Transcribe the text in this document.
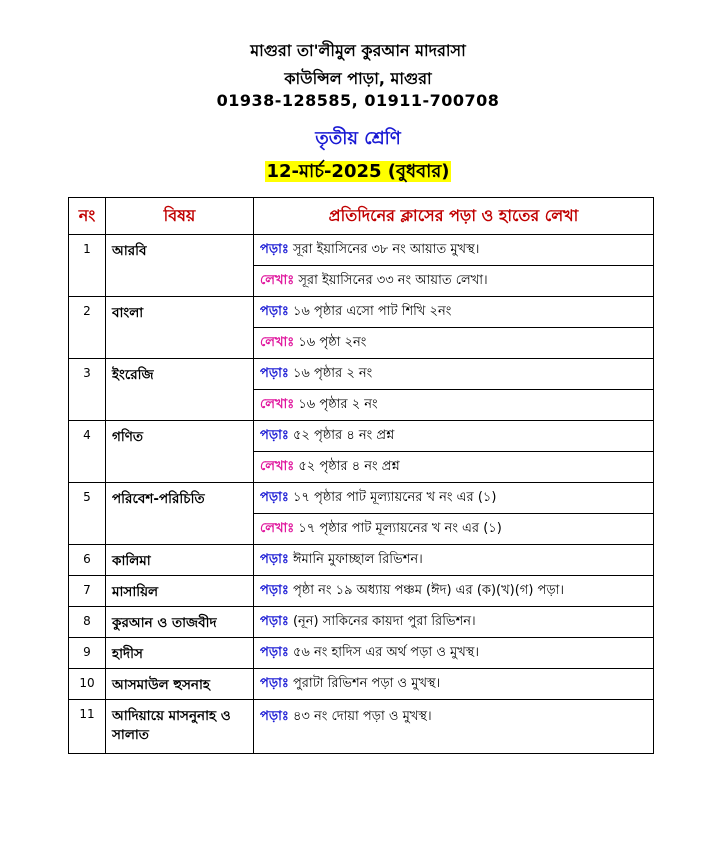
মাগুরা তা'লীমুল কুরআন মাদরাসা
কাউন্সিল পাড়া, মাগুরা
01938-128585, 01911-700708
তৃতীয় শ্রেণি
12-মার্চ-2025 (বুধবার)
নং	বিষয়	প্রতিদিনের ক্লাসের পড়া ও হাতের লেখা
1	আরবি	পড়াঃ সূরা ইয়াসিনের ৩৮ নং আয়াত মুখস্থ।
		লেখাঃ সূরা ইয়াসিনের ৩৩ নং আয়াত লেখা।
2	বাংলা	পড়াঃ ১৬ পৃষ্ঠার এসো পাট শিখি ২নং
		লেখাঃ ১৬ পৃষ্ঠা ২নং
3	ইংরেজি	পড়াঃ ১৬ পৃষ্ঠার ২ নং
		লেখাঃ ১৬ পৃষ্ঠার ২ নং
4	গণিত	পড়াঃ ৫২ পৃষ্ঠার ৪ নং প্রশ্ন
		লেখাঃ ৫২ পৃষ্ঠার ৪ নং প্রশ্ন
5	পরিবেশ-পরিচিতি	পড়াঃ ১৭ পৃষ্ঠার পাট মূল্যায়নের খ নং এর (১)
		লেখাঃ ১৭ পৃষ্ঠার পাট মূল্যায়নের খ নং এর (১)
6	কালিমা	পড়াঃ ঈমানি মুফাচ্ছাল রিভিশন।
7	মাসায়িল	পড়াঃ পৃষ্ঠা নং ১৯ অধ্যায় পঞ্চম (ঈদ) এর (ক)(খ)(গ) পড়া।
8	কুরআন ও তাজবীদ	পড়াঃ (নূন) সাকিনের কায়দা পুরা রিভিশন।
9	হাদীস	পড়াঃ ৫৬ নং হাদিস এর অর্থ পড়া ও মুখস্থ।
10	আসমাউল হুসনাহ	পড়াঃ পুরাটা রিভিশন পড়া ও মুখস্থ।
11	আদিয়ায়ে মাসনুনাহ ও সালাত	পড়াঃ ৪৩ নং দোয়া পড়া ও মুখস্থ।
